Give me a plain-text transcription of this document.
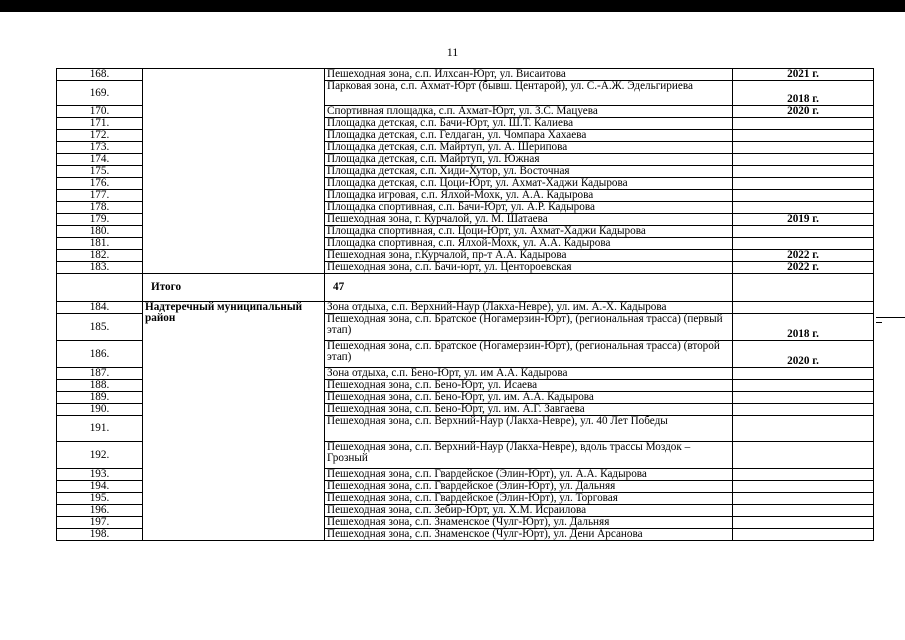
11
168.		Пешеходная зона, с.п. Илхсан-Юрт, ул. Висаитова	2021 г.
169.		Парковая зона, с.п. Ахмат-Юрт (бывш. Центарой), ул. С.-А.Ж. Эдельгириева	2018 г.
170.		Спортивная площадка, с.п. Ахмат-Юрт, ул. З.С. Мацуева	2020 г.
171.		Площадка детская, с.п. Бачи-Юрт, ул. Ш.Т. Калиева	
172.		Площадка детская, с.п. Гелдаган, ул. Чомпара Хахаева	
173.		Площадка детская, с.п. Майртуп, ул. А. Шерипова	
174.		Площадка детская, с.п. Майртуп, ул. Южная	
175.		Площадка детская, с.п. Хиди-Хутор, ул. Восточная	
176.		Площадка детская, с.п. Цоци-Юрт, ул. Ахмат-Хаджи Кадырова	
177.		Площадка игровая, с.п. Ялхой-Мохк, ул. А.А. Кадырова	
178.		Площадка спортивная, с.п. Бачи-Юрт, ул. А.Р. Кадырова	
179.		Пешеходная зона, г. Курчалой, ул. М. Шатаева	2019 г.
180.		Площадка спортивная, с.п. Цоци-Юрт, ул. Ахмат-Хаджи Кадырова	
181.		Площадка спортивная, с.п. Ялхой-Мохк, ул. А.А. Кадырова	
182.		Пешеходная зона, г.Курчалой, пр-т А.А. Кадырова	2022 г.
183.		Пешеходная зона, с.п. Бачи-юрт, ул. Центороевская	2022 г.
	Итого	47	
184.	Надтеречный муниципальный район	Зона отдыха, с.п. Верхний-Наур (Лакха-Невре), ул. им. А.-Х. Кадырова	
185.		Пешеходная зона, с.п. Братское (Ногамерзин-Юрт), (региональная трасса) (первый этап)	2018 г.
186.		Пешеходная зона, с.п. Братское (Ногамерзин-Юрт), (региональная трасса) (второй этап)	2020 г.
187.		Зона отдыха, с.п. Бено-Юрт, ул. им А.А. Кадырова	
188.		Пешеходная зона, с.п. Бено-Юрт, ул. Исаева	
189.		Пешеходная зона, с.п. Бено-Юрт, ул. им. А.А. Кадырова	
190.		Пешеходная зона, с.п. Бено-Юрт, ул. им. А.Г. Завгаева	
191.		Пешеходная зона, с.п. Верхний-Наур (Лакха-Невре), ул. 40 Лет Победы	
192.		Пешеходная зона, с.п. Верхний-Наур (Лакха-Невре), вдоль трассы Моздок – Грозный	
193.		Пешеходная зона, с.п. Гвардейское (Элин-Юрт), ул. А.А. Кадырова	
194.		Пешеходная зона, с.п. Гвардейское (Элин-Юрт), ул. Дальняя	
195.		Пешеходная зона, с.п. Гвардейское (Элин-Юрт), ул. Торговая	
196.		Пешеходная зона, с.п. Зебир-Юрт, ул. Х.М. Исраилова	
197.		Пешеходная зона, с.п. Знаменское (Чулг-Юрт), ул. Дальняя	
198.		Пешеходная зона, с.п. Знаменское (Чулг-Юрт), ул. Дени Арсанова	
